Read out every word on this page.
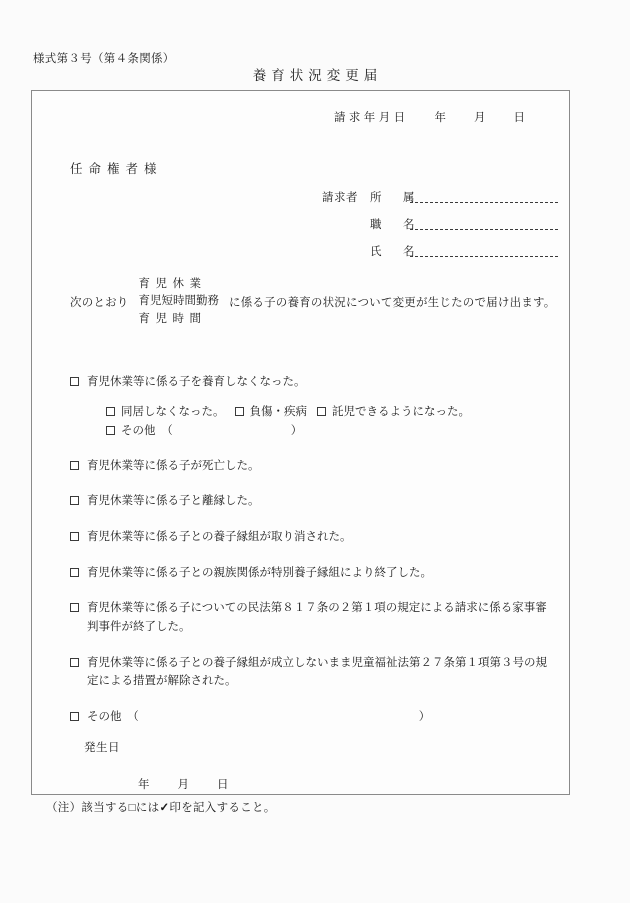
様式第３号（第４条関係）
養育状況変更届
請求年月日 年 月 日
任命権者様
請求者	所　属
職　名
氏　名
次のとおり
育児休業
育児短時間勤務
育児時間
に係る子の養育の状況について変更が生じたので届け出ます。
育児休業等に係る子を養育しなくなった。
同居しなくなった。 負傷・疾病 託児できるようになった。
その他　（	）
育児休業等に係る子が死亡した。
育児休業等に係る子と離縁した。
育児休業等に係る子との養子縁組が取り消された。
育児休業等に係る子との親族関係が特別養子縁組により終了した。
育児休業等に係る子についての民法第８１７条の２第１項の規定による請求に係る家事審判事件が終了した。
育児休業等に係る子との養子縁組が成立しないまま児童福祉法第２７条第１項第３号の規定による措置が解除された。
その他　（	）
発生日
年 月 日
（注）該当する□には✓印を記入すること。
